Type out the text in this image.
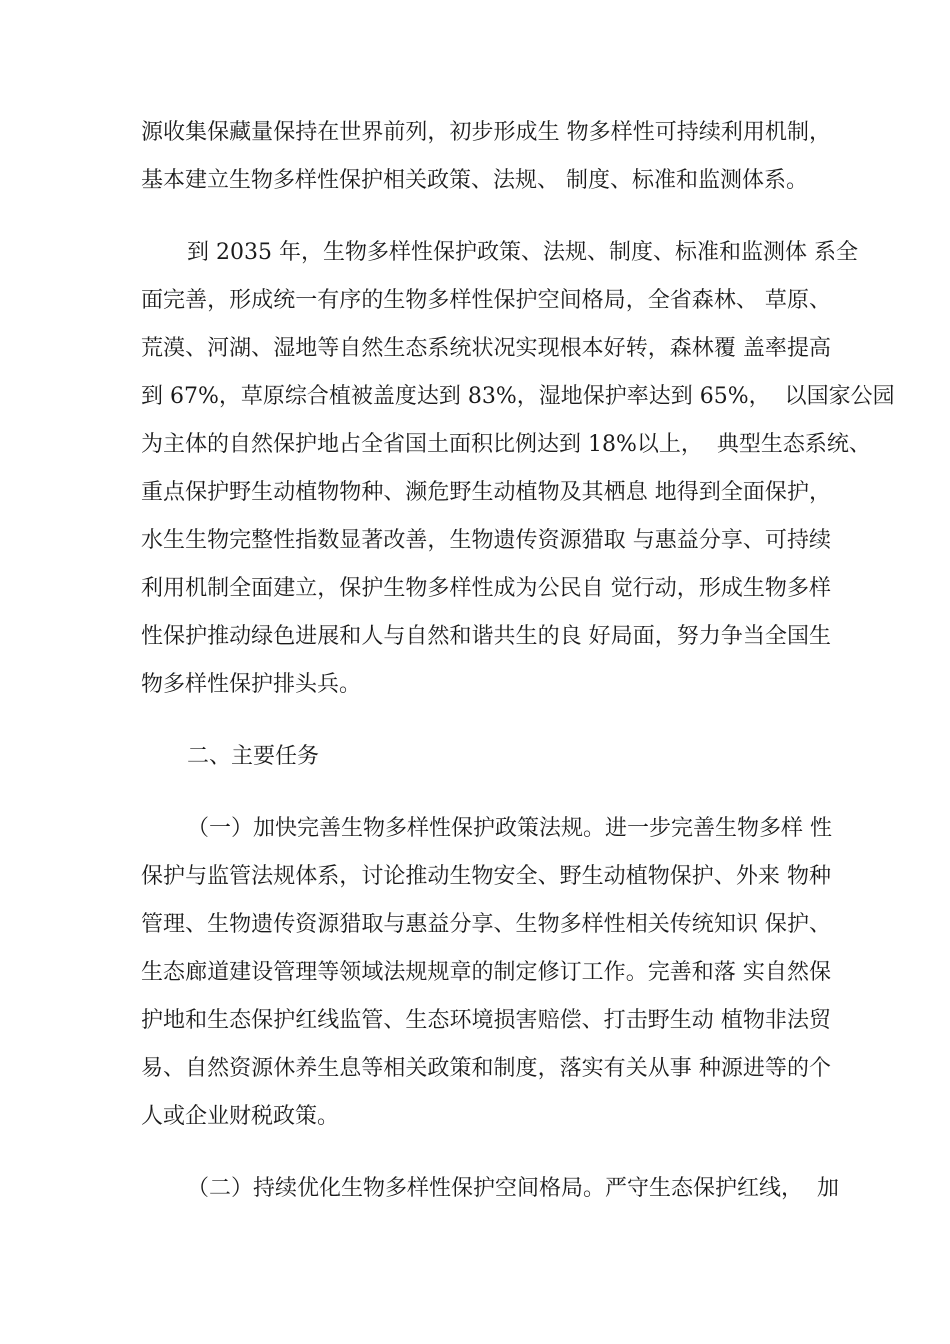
源收集保藏量保持在世界前列，初步形成生 物多样性可持续利用机制，
基本建立生物多样性保护相关政策、法规、 制度、标准和监测体系。
到 2035 年，生物多样性保护政策、法规、制度、标准和监测体 系全
面完善，形成统一有序的生物多样性保护空间格局，全省森林、 草原、
荒漠、河湖、湿地等自然生态系统状况实现根本好转，森林覆 盖率提高
到 67%，草原综合植被盖度达到 83%，湿地保护率达到 65%，  以国家公园
为主体的自然保护地占全省国土面积比例达到 18%以上，  典型生态系统、
重点保护野生动植物物种、濒危野生动植物及其栖息 地得到全面保护，
水生生物完整性指数显著改善，生物遗传资源猎取 与惠益分享、可持续
利用机制全面建立，保护生物多样性成为公民自 觉行动，形成生物多样
性保护推动绿色进展和人与自然和谐共生的良 好局面，努力争当全国生
物多样性保护排头兵。
二、主要任务
（一）加快完善生物多样性保护政策法规。进一步完善生物多样 性
保护与监管法规体系，讨论推动生物安全、野生动植物保护、外来 物种
管理、生物遗传资源猎取与惠益分享、生物多样性相关传统知识 保护、
生态廊道建设管理等领域法规规章的制定修订工作。完善和落 实自然保
护地和生态保护红线监管、生态环境损害赔偿、打击野生动 植物非法贸
易、自然资源休养生息等相关政策和制度，落实有关从事 种源进等的个
人或企业财税政策。
（二）持续优化生物多样性保护空间格局。严守生态保护红线，  加
